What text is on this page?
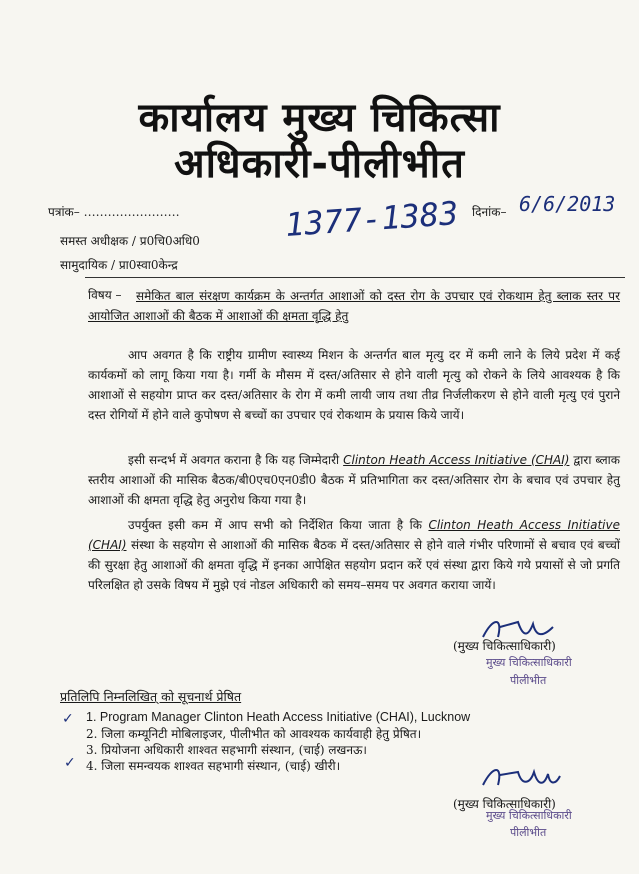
कार्यालय मुख्य चिकित्सा
अधिकारी-पीलीभीत
पत्रांक– ……………………	दिनांक– 6/6/2013
1377-1383
समस्त अधीक्षक / प्र0चि0अधि0
सामुदायिक / प्रा0स्वा0केन्द्र
विषय –	समेकित बाल संरक्षण कार्यक्रम के अन्तर्गत आशाओं को दस्त रोग के उपचार एवं रोकथाम हेतु ब्लाक स्तर पर आयोजित आशाओं की बैठक में आशाओं की क्षमता वृद्धि हेतु
आप अवगत है कि राष्ट्रीय ग्रामीण स्वास्थ्य मिशन के अन्तर्गत बाल मृत्यु दर में कमी लाने के लिये प्रदेश में कई कार्यकमों को लागू किया गया है। गर्मी के मौसम में दस्त/अतिसार से होने वाली मृत्यु को रोकने के लिये आवश्यक है कि आशाओं से सहयोग प्राप्त कर दस्त/अतिसार के रोग में कमी लायी जाय तथा तीव्र निर्जलीकरण से होने वाली मृत्यु एवं पुराने दस्त रोगियों में होने वाले कुपोषण से बच्चों का उपचार एवं रोकथाम के प्रयास किये जायें।
इसी सन्दर्भ में अवगत कराना है कि यह जिम्मेदारी Clinton Heath Access Initiative (CHAI) द्वारा ब्लाक स्तरीय आशाओं की मासिक बैठक/बी0एच0एन0डी0 बैठक में प्रतिभागिता कर दस्त/अतिसार रोग के बचाव एवं उपचार हेतु आशाओं की क्षमता वृद्धि हेतु अनुरोध किया गया है।
उपर्युक्त इसी कम में आप सभी को निर्देशित किया जाता है कि Clinton Heath Access Initiative (CHAI) संस्था के सहयोग से आशाओं की मासिक बैठक में दस्त/अतिसार से होने वाले गंभीर परिणामों से बचाव एवं बच्चों की सुरक्षा हेतु आशाओं की क्षमता वृद्धि में इनका आपेक्षित सहयोग प्रदान करें एवं संस्था द्वारा किये गये प्रयासों से जो प्रगति परिलक्षित हो उसके विषय में मुझे एवं नोडल अधिकारी को समय–समय पर अवगत कराया जायें।
(मुख्य चिकित्साधिकारी)
मुख्य चिकित्साधिकारी
पीलीभीत
प्रतिलिपि निम्नलिखित् को सूचनार्थ प्रेषित
✓ 1. Program Manager Clinton Heath Access Initiative (CHAI), Lucknow
2. जिला कम्यूनिटी मोबिलाइजर, पीलीभीत को आवश्यक कार्यवाही हेतु प्रेषित।
3. प्रियोजना अधिकारी शाश्वत सहभागी संस्थान, (चाई) लखनऊ।
✓ 4. जिला समन्वयक शाश्वत सहभागी संस्थान, (चाई) खीरी।
(मुख्य चिकित्साधिकारी)
मुख्य चिकित्साधिकारी
पीलीभीत
